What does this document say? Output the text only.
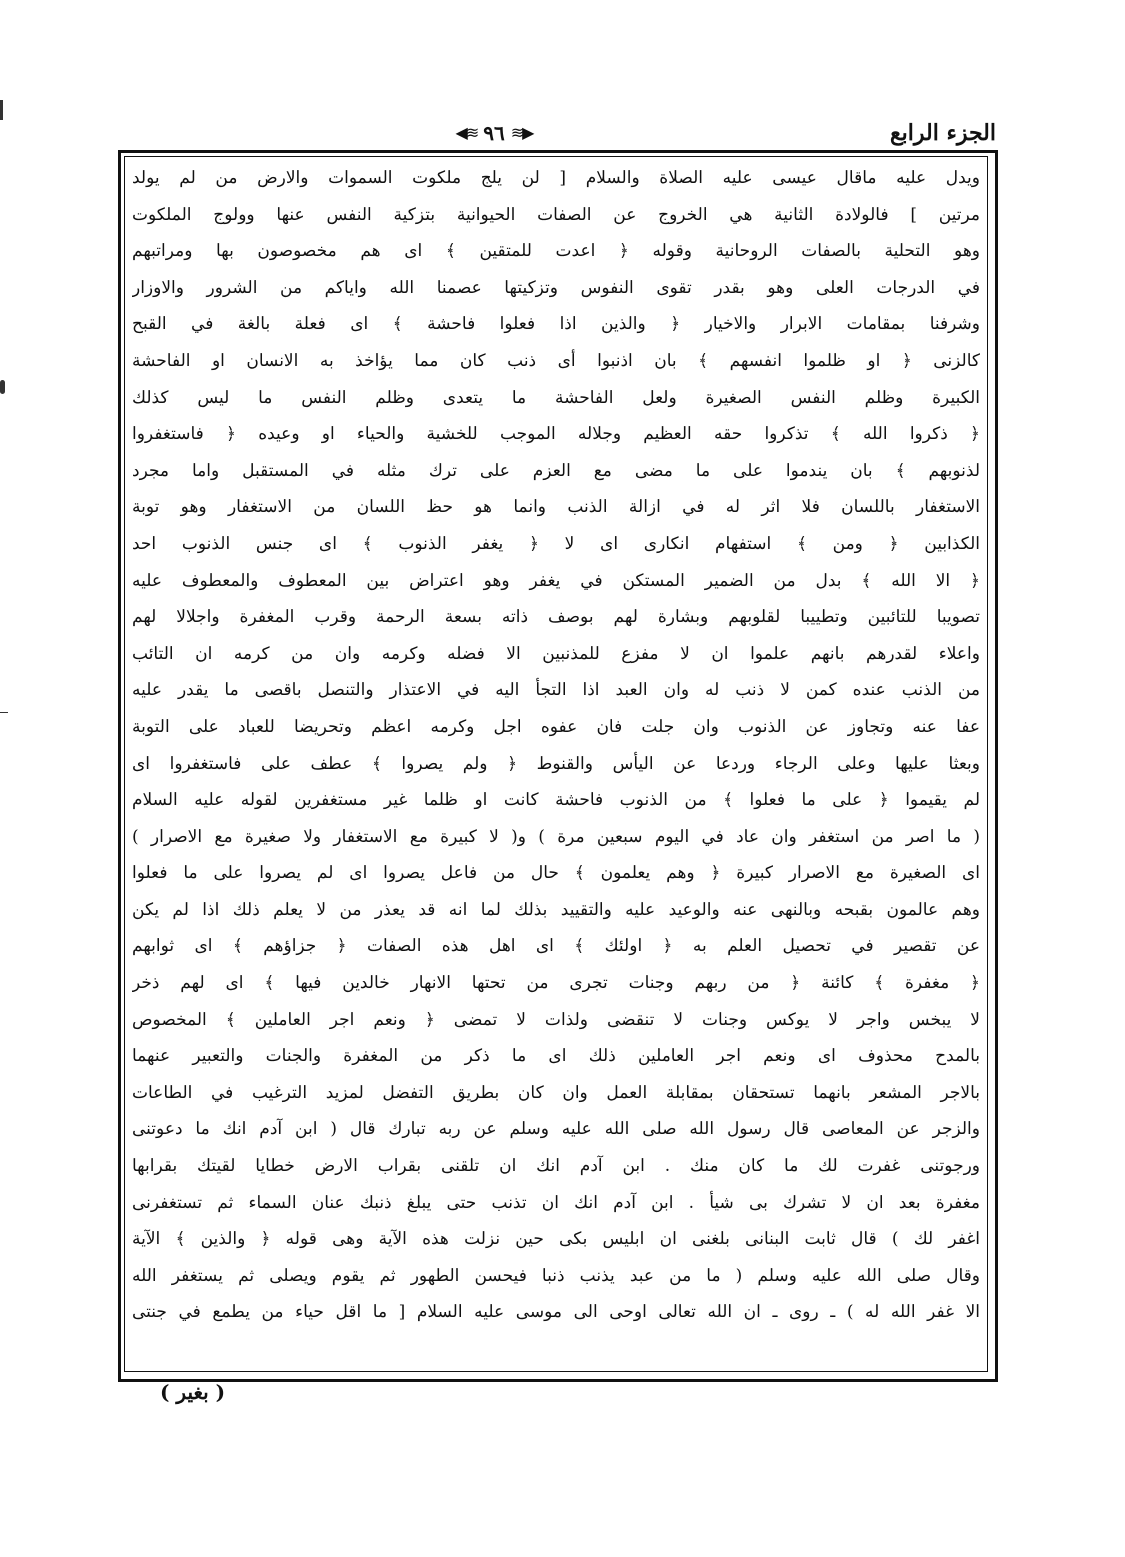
الجزء الرابع
◀≋ ٩٦ ≋▶
ويدل عليه ماقال عيسى عليه الصلاة والسلام [ لن يلج ملكوت السموات والارض من لم يولد
مرتين ] فالولادة الثانية هي الخروج عن الصفات الحيوانية بتزكية النفس عنها وولوج الملكوت
وهو التحلية بالصفات الروحانية وقوله ﴿ اعدت للمتقين ﴾ اى هم مخصوصون بها ومراتبهم
في الدرجات العلى وهو بقدر تقوى النفوس وتزكيتها عصمنا الله واياكم من الشرور والاوزار
وشرفنا بمقامات الابرار والاخيار ﴿ والذين اذا فعلوا فاحشة ﴾ اى فعلة بالغة في القبح
كالزنى ﴿ او ظلموا انفسهم ﴾ بان اذنبوا أى ذنب كان مما يؤاخذ به الانسان او الفاحشة
الكبيرة وظلم النفس الصغيرة ولعل الفاحشة ما يتعدى وظلم النفس ما ليس كذلك
﴿ ذكروا الله ﴾ تذكروا حقه العظيم وجلاله الموجب للخشية والحياء او وعيده ﴿ فاستغفروا
لذنوبهم ﴾ بان يندموا على ما مضى مع العزم على ترك مثله في المستقبل واما مجرد
الاستغفار باللسان فلا اثر له في ازالة الذنب وانما هو حظ اللسان من الاستغفار وهو توبة
الكذابين ﴿ ومن ﴾ استفهام انكارى اى لا ﴿ يغفر الذنوب ﴾ اى جنس الذنوب احد
﴿ الا الله ﴾ بدل من الضمير المستكن في يغفر وهو اعتراض بين المعطوف والمعطوف عليه
تصويبا للتائبين وتطييبا لقلوبهم وبشارة لهم بوصف ذاته بسعة الرحمة وقرب المغفرة واجلالا لهم
واعلاء لقدرهم بانهم علموا ان لا مفزع للمذنبين الا فضله وكرمه وان من كرمه ان التائب
من الذنب عنده كمن لا ذنب له وان العبد اذا التجأ اليه في الاعتذار والتنصل باقصى ما يقدر عليه
عفا عنه وتجاوز عن الذنوب وان جلت فان عفوه اجل وكرمه اعظم وتحريضا للعباد على التوبة
وبعثا عليها وعلى الرجاء وردعا عن اليأس والقنوط ﴿ ولم يصروا ﴾ عطف على فاستغفروا اى
لم يقيموا ﴿ على ما فعلوا ﴾ من الذنوب فاحشة كانت او ظلما غير مستغفرين لقوله عليه السلام
( ما اصر من استغفر وان عاد في اليوم سبعين مرة ) و( لا كبيرة مع الاستغفار ولا صغيرة مع الاصرار )
اى الصغيرة مع الاصرار كبيرة ﴿ وهم يعلمون ﴾ حال من فاعل يصروا اى لم يصروا على ما فعلوا
وهم عالمون بقبحه وبالنهى عنه والوعيد عليه والتقييد بذلك لما انه قد يعذر من لا يعلم ذلك اذا لم يكن
عن تقصير في تحصيل العلم به ﴿ اولئك ﴾ اى اهل هذه الصفات ﴿ جزاؤهم ﴾ اى ثوابهم
﴿ مغفرة ﴾ كائنة ﴿ من ربهم وجنات تجرى من تحتها الانهار خالدين فيها ﴾ اى لهم ذخر
لا يبخس واجر لا يوكس وجنات لا تنقضى ولذات لا تمضى ﴿ ونعم اجر العاملين ﴾ المخصوص
بالمدح محذوف اى ونعم اجر العاملين ذلك اى ما ذكر من المغفرة والجنات والتعبير عنهما
بالاجر المشعر بانهما تستحقان بمقابلة العمل وان كان بطريق التفضل لمزيد الترغيب في الطاعات
والزجر عن المعاصى قال رسول الله صلى الله عليه وسلم عن ربه تبارك قال ( ابن آدم انك ما دعوتنى
ورجوتنى غفرت لك ما كان منك . ابن آدم انك ان تلقنى بقراب الارض خطايا لقيتك بقرابها
مغفرة بعد ان لا تشرك بى شيأ . ابن آدم انك ان تذنب حتى يبلغ ذنبك عنان السماء ثم تستغفرنى
اغفر لك ) قال ثابت البنانى بلغنى ان ابليس بكى حين نزلت هذه الآية وهى قوله ﴿ والذين ﴾ الآية
وقال صلى الله عليه وسلم ( ما من عبد يذنب ذنبا فيحسن الطهور ثم يقوم ويصلى ثم يستغفر الله
الا غفر الله له ) ـ روى ـ ان الله تعالى اوحى الى موسى عليه السلام [ ما اقل حياء من يطمع في جنتى
( بغير )
